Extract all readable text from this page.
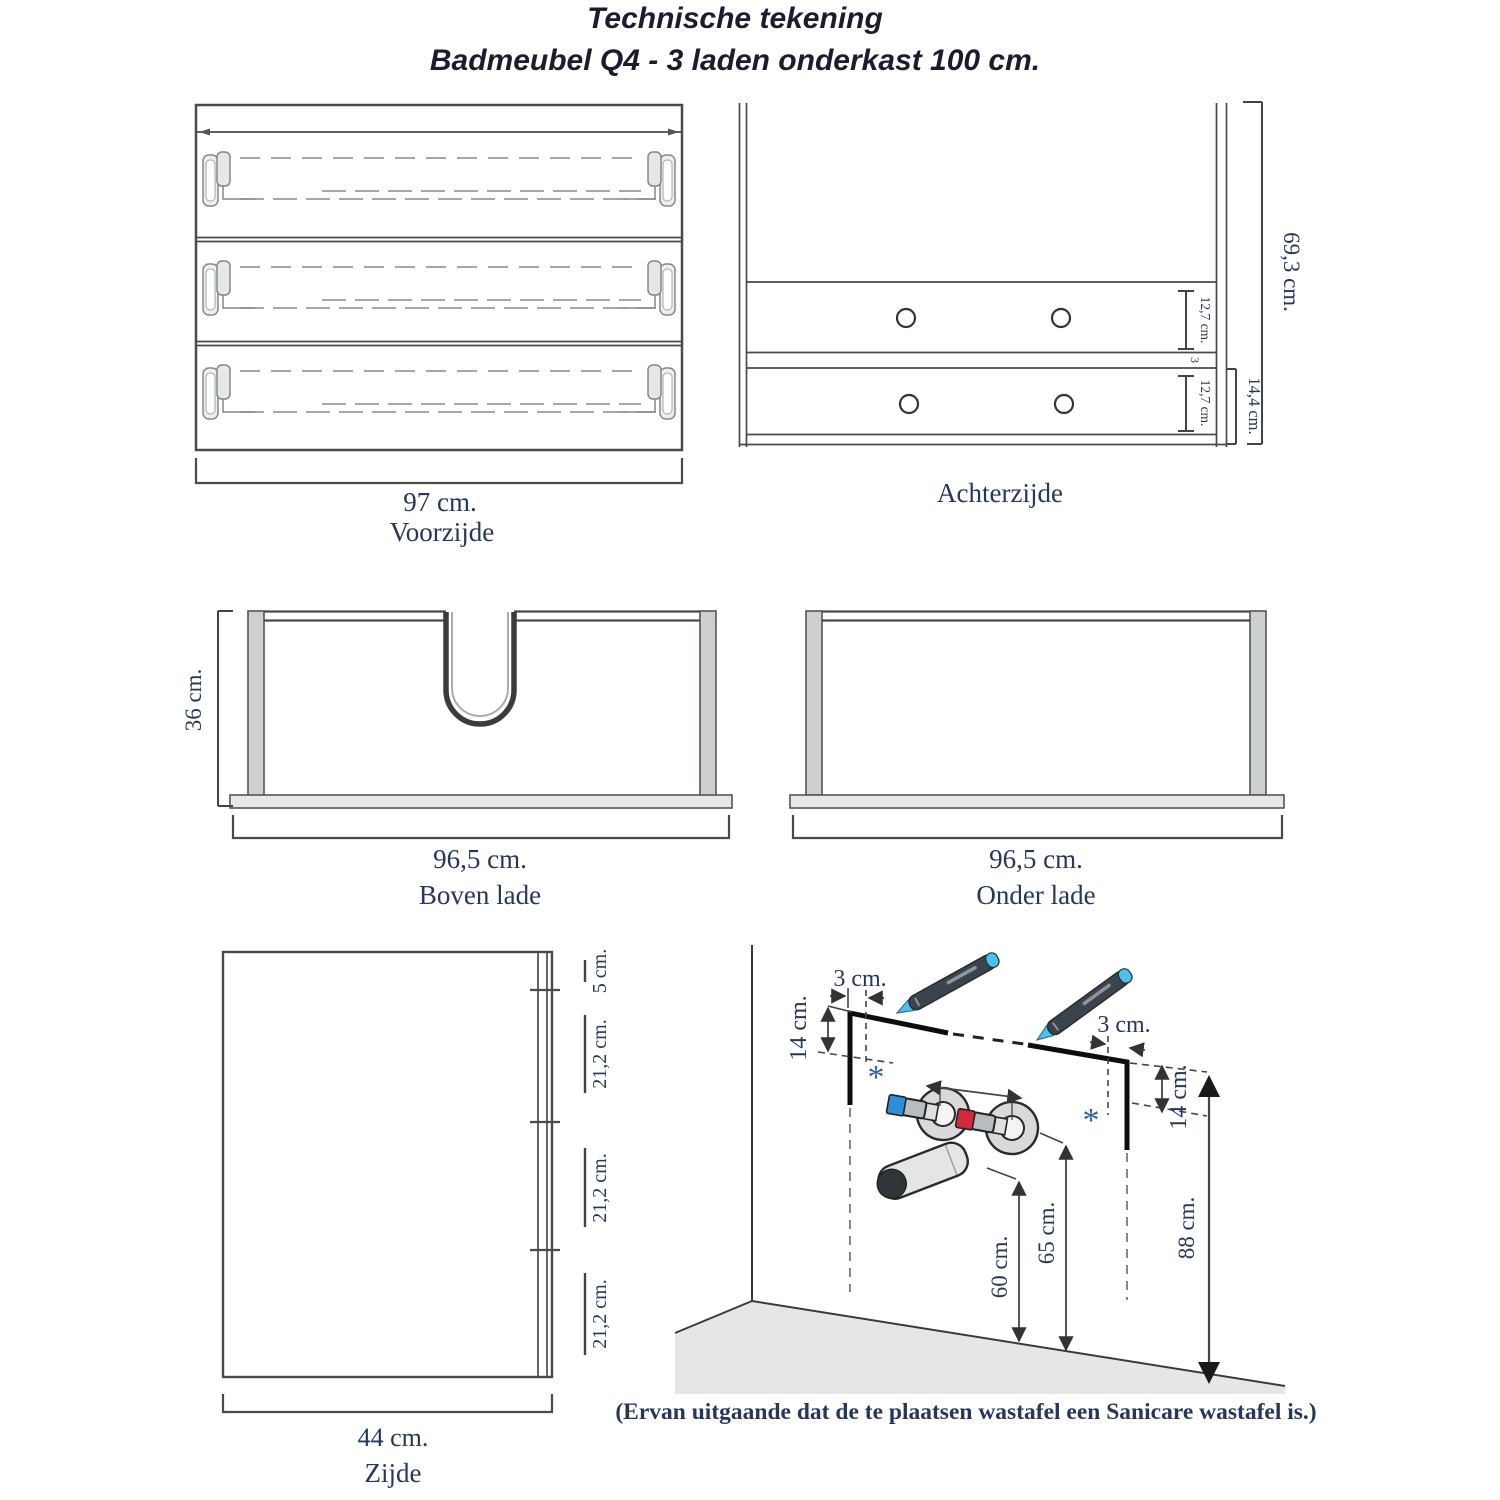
Technische tekening
Badmeubel Q4 - 3 laden onderkast 100 cm.
97 cm.
Voorzijde
12,7 cm.
3
12,7 cm. 14,4 cm.
69,3 cm.
Achterzijde
36 cm.
96,5 cm.
Boven lade
96,5 cm.
Onder lade
5 cm.
21,2 cm.
21,2 cm.
21,2 cm.
44 cm.
Zijde
3 cm.
14 cm.
*
3 cm.
14 cm.
*
60 cm.
65 cm.	88 cm.
(Ervan uitgaande dat de te plaatsen wastafel een Sanicare wastafel is.)
